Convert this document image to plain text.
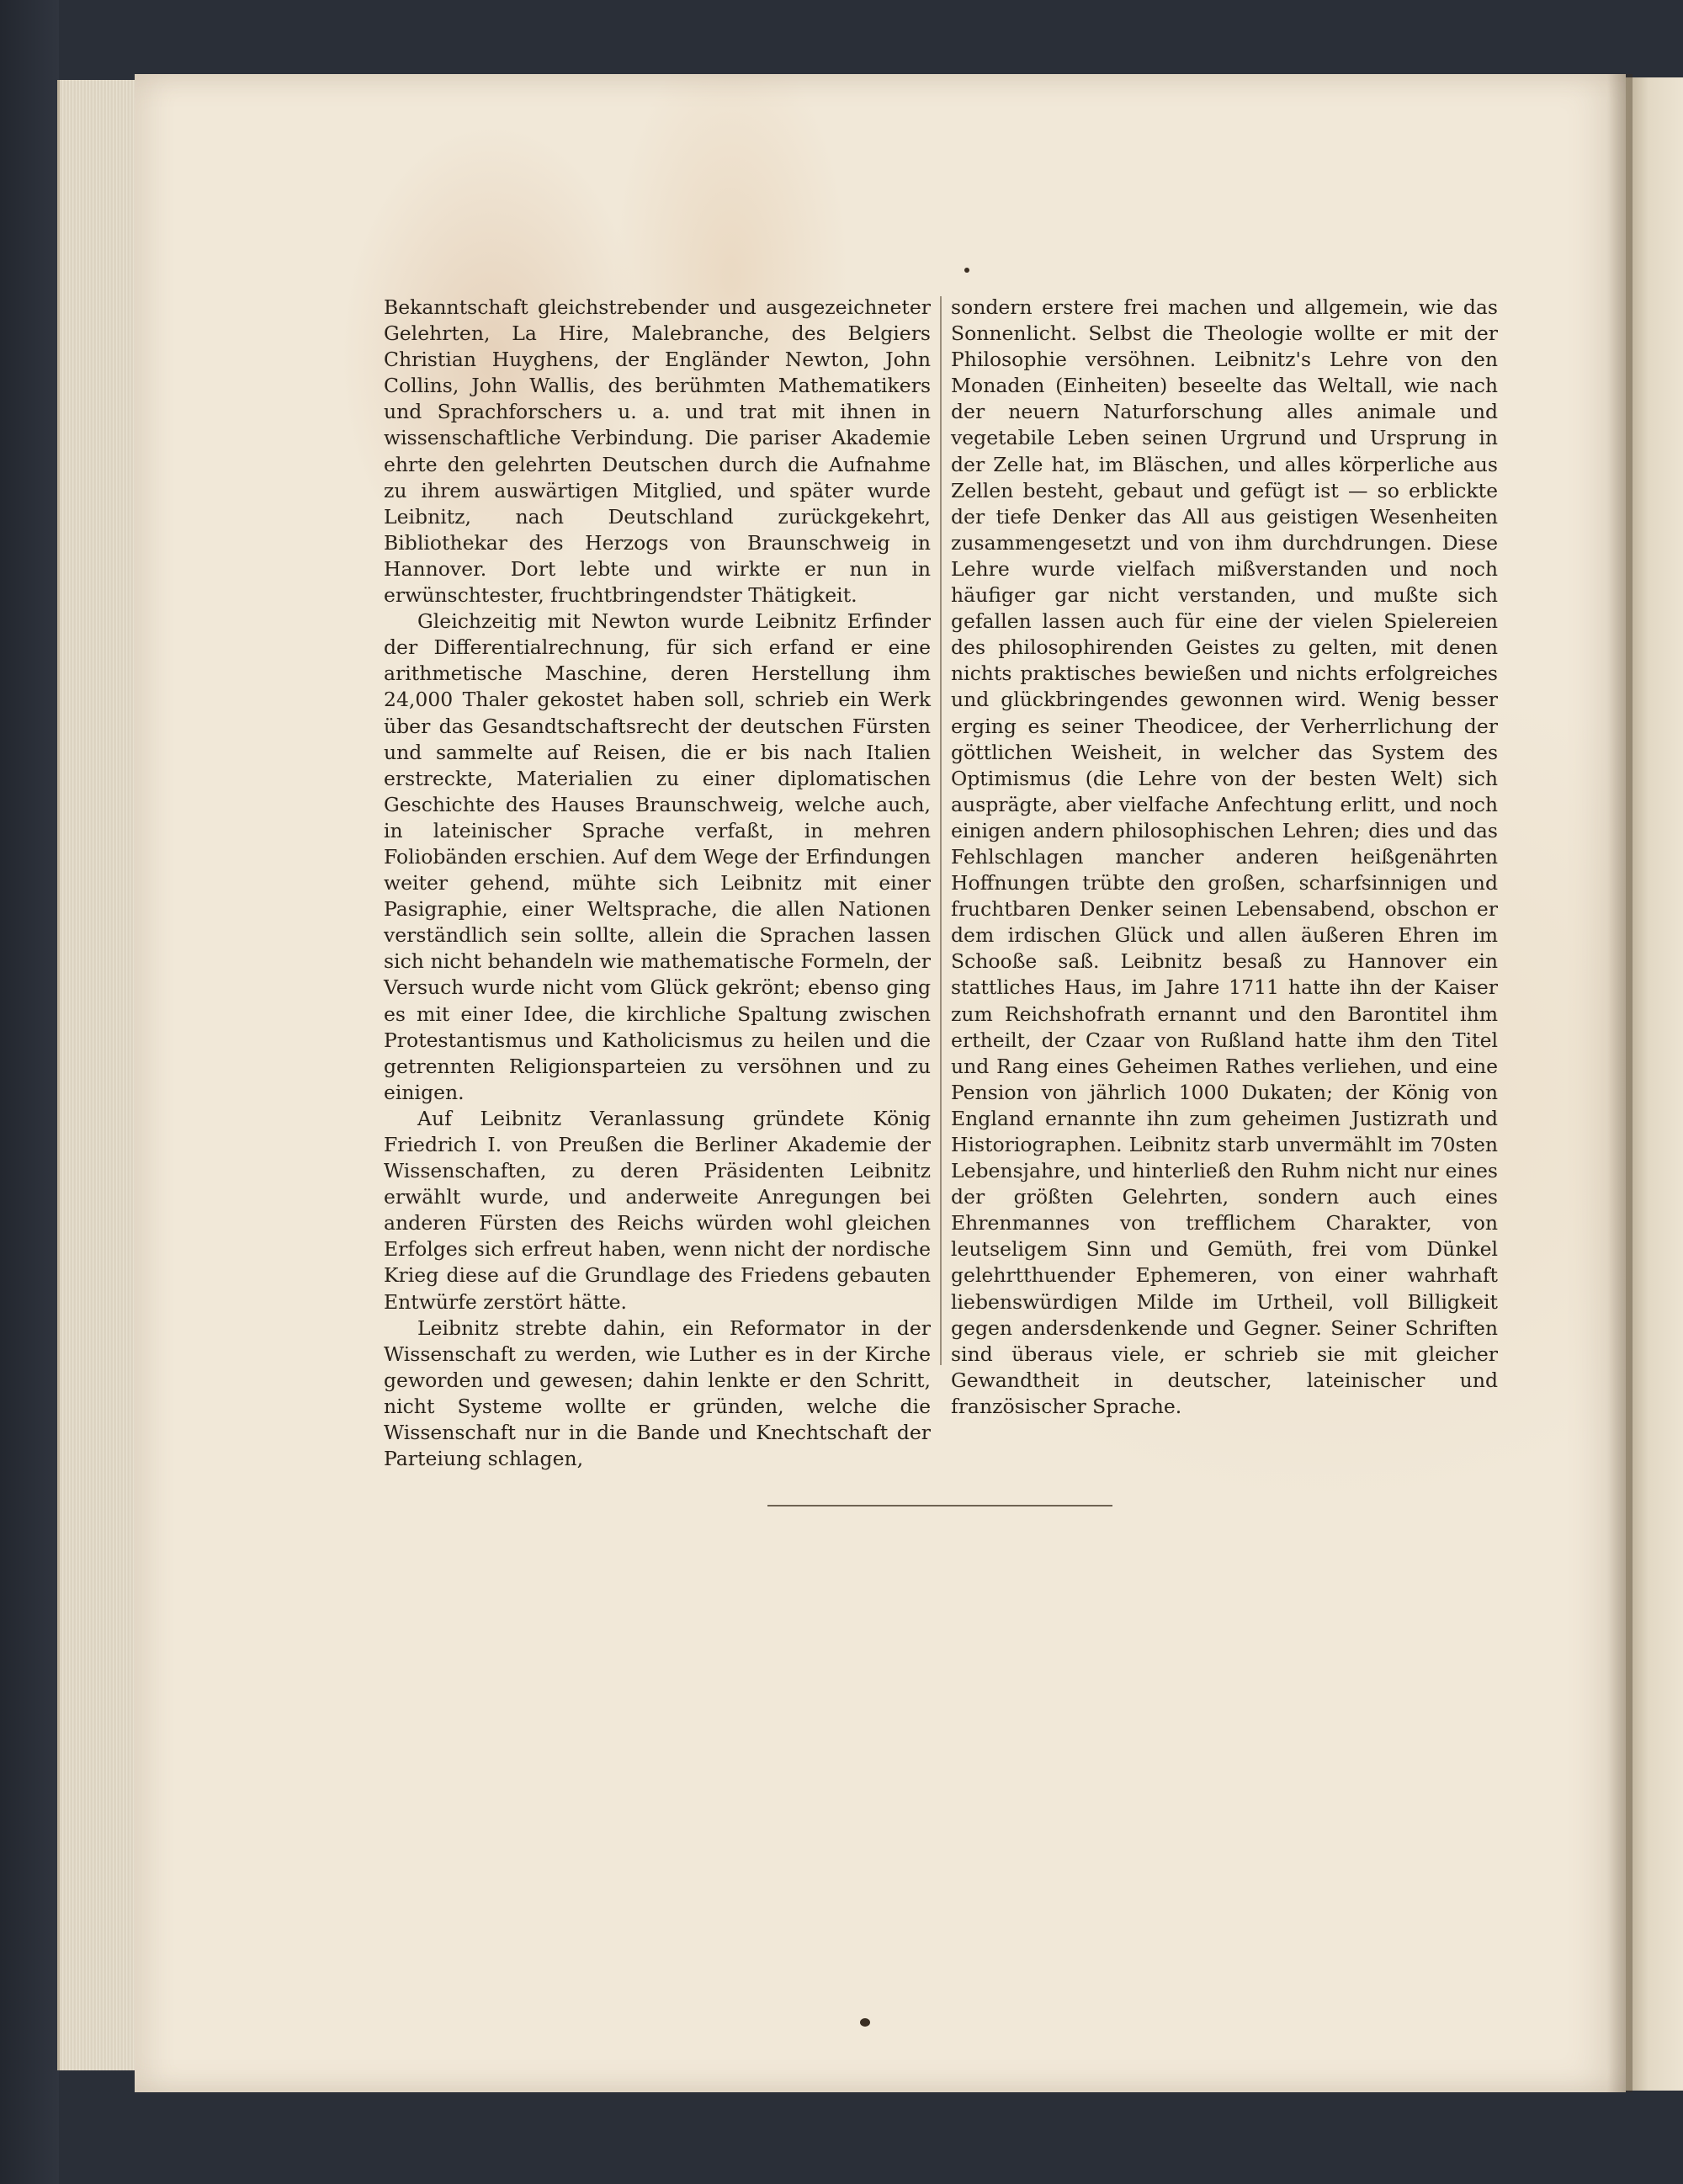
Bekanntschaft gleichstrebender und ausgezeichneter Gelehrten, La Hire, Malebranche, des Belgiers Christian Huyghens, der Engländer Newton, John Collins, John Wallis, des berühmten Mathematikers und Sprachforschers u. a. und trat mit ihnen in wissenschaftliche Verbindung. Die pariser Akademie ehrte den gelehrten Deutschen durch die Aufnahme zu ihrem auswärtigen Mitglied, und später wurde Leibnitz, nach Deutschland zurückgekehrt, Bibliothekar des Herzogs von Braunschweig in Hannover. Dort lebte und wirkte er nun in erwünschtester, fruchtbringendster Thätigkeit.

Gleichzeitig mit Newton wurde Leibnitz Erfinder der Differentialrechnung, für sich erfand er eine arithmetische Maschine, deren Herstellung ihm 24,000 Thaler gekostet haben soll, schrieb ein Werk über das Gesandtschaftsrecht der deutschen Fürsten und sammelte auf Reisen, die er bis nach Italien erstreckte, Materialien zu einer diplomatischen Geschichte des Hauses Braunschweig, welche auch, in lateinischer Sprache verfaßt, in mehren Foliobänden erschien. Auf dem Wege der Erfindungen weiter gehend, mühte sich Leibnitz mit einer Pasigraphie, einer Weltsprache, die allen Nationen verständlich sein sollte, allein die Sprachen lassen sich nicht behandeln wie mathematische Formeln, der Versuch wurde nicht vom Glück gekrönt; ebenso ging es mit einer Idee, die kirchliche Spaltung zwischen Protestantismus und Katholicismus zu heilen und die getrennten Religionsparteien zu versöhnen und zu einigen.

Auf Leibnitz Veranlassung gründete König Friedrich I. von Preußen die Berliner Akademie der Wissenschaften, zu deren Präsidenten Leibnitz erwählt wurde, und anderweite Anregungen bei anderen Fürsten des Reichs würden wohl gleichen Erfolges sich erfreut haben, wenn nicht der nordische Krieg diese auf die Grundlage des Friedens gebauten Entwürfe zerstört hätte.

Leibnitz strebte dahin, ein Reformator in der Wissenschaft zu werden, wie Luther es in der Kirche geworden und gewesen; dahin lenkte er den Schritt, nicht Systeme wollte er gründen, welche die Wissenschaft nur in die Bande und Knechtschaft der Parteiung schlagen,

sondern erstere frei machen und allgemein, wie das Sonnenlicht. Selbst die Theologie wollte er mit der Philosophie versöhnen. Leibnitz's Lehre von den Monaden (Einheiten) beseelte das Weltall, wie nach der neuern Naturforschung alles animale und vegetabile Leben seinen Urgrund und Ursprung in der Zelle hat, im Bläschen, und alles körperliche aus Zellen besteht, gebaut und gefügt ist — so erblickte der tiefe Denker das All aus geistigen Wesenheiten zusammengesetzt und von ihm durchdrungen. Diese Lehre wurde vielfach mißverstanden und noch häufiger gar nicht verstanden, und mußte sich gefallen lassen auch für eine der vielen Spielereien des philosophirenden Geistes zu gelten, mit denen nichts praktisches bewießen und nichts erfolgreiches und glückbringendes gewonnen wird. Wenig besser erging es seiner Theodicee, der Verherrlichung der göttlichen Weisheit, in welcher das System des Optimismus (die Lehre von der besten Welt) sich ausprägte, aber vielfache Anfechtung erlitt, und noch einigen andern philosophischen Lehren; dies und das Fehlschlagen mancher anderen heißgenährten Hoffnungen trübte den großen, scharfsinnigen und fruchtbaren Denker seinen Lebensabend, obschon er dem irdischen Glück und allen äußeren Ehren im Schooße saß. Leibnitz besaß zu Hannover ein stattliches Haus, im Jahre 1711 hatte ihn der Kaiser zum Reichshofrath ernannt und den Barontitel ihm ertheilt, der Czaar von Rußland hatte ihm den Titel und Rang eines Geheimen Rathes verliehen, und eine Pension von jährlich 1000 Dukaten; der König von England ernannte ihn zum geheimen Justizrath und Historiographen. Leibnitz starb unvermählt im 70sten Lebensjahre, und hinterließ den Ruhm nicht nur eines der größten Gelehrten, sondern auch eines Ehrenmannes von trefflichem Charakter, von leutseligem Sinn und Gemüth, frei vom Dünkel gelehrtthuender Ephemeren, von einer wahrhaft liebenswürdigen Milde im Urtheil, voll Billigkeit gegen andersdenkende und Gegner. Seiner Schriften sind überaus viele, er schrieb sie mit gleicher Gewandtheit in deutscher, lateinischer und französischer Sprache.
